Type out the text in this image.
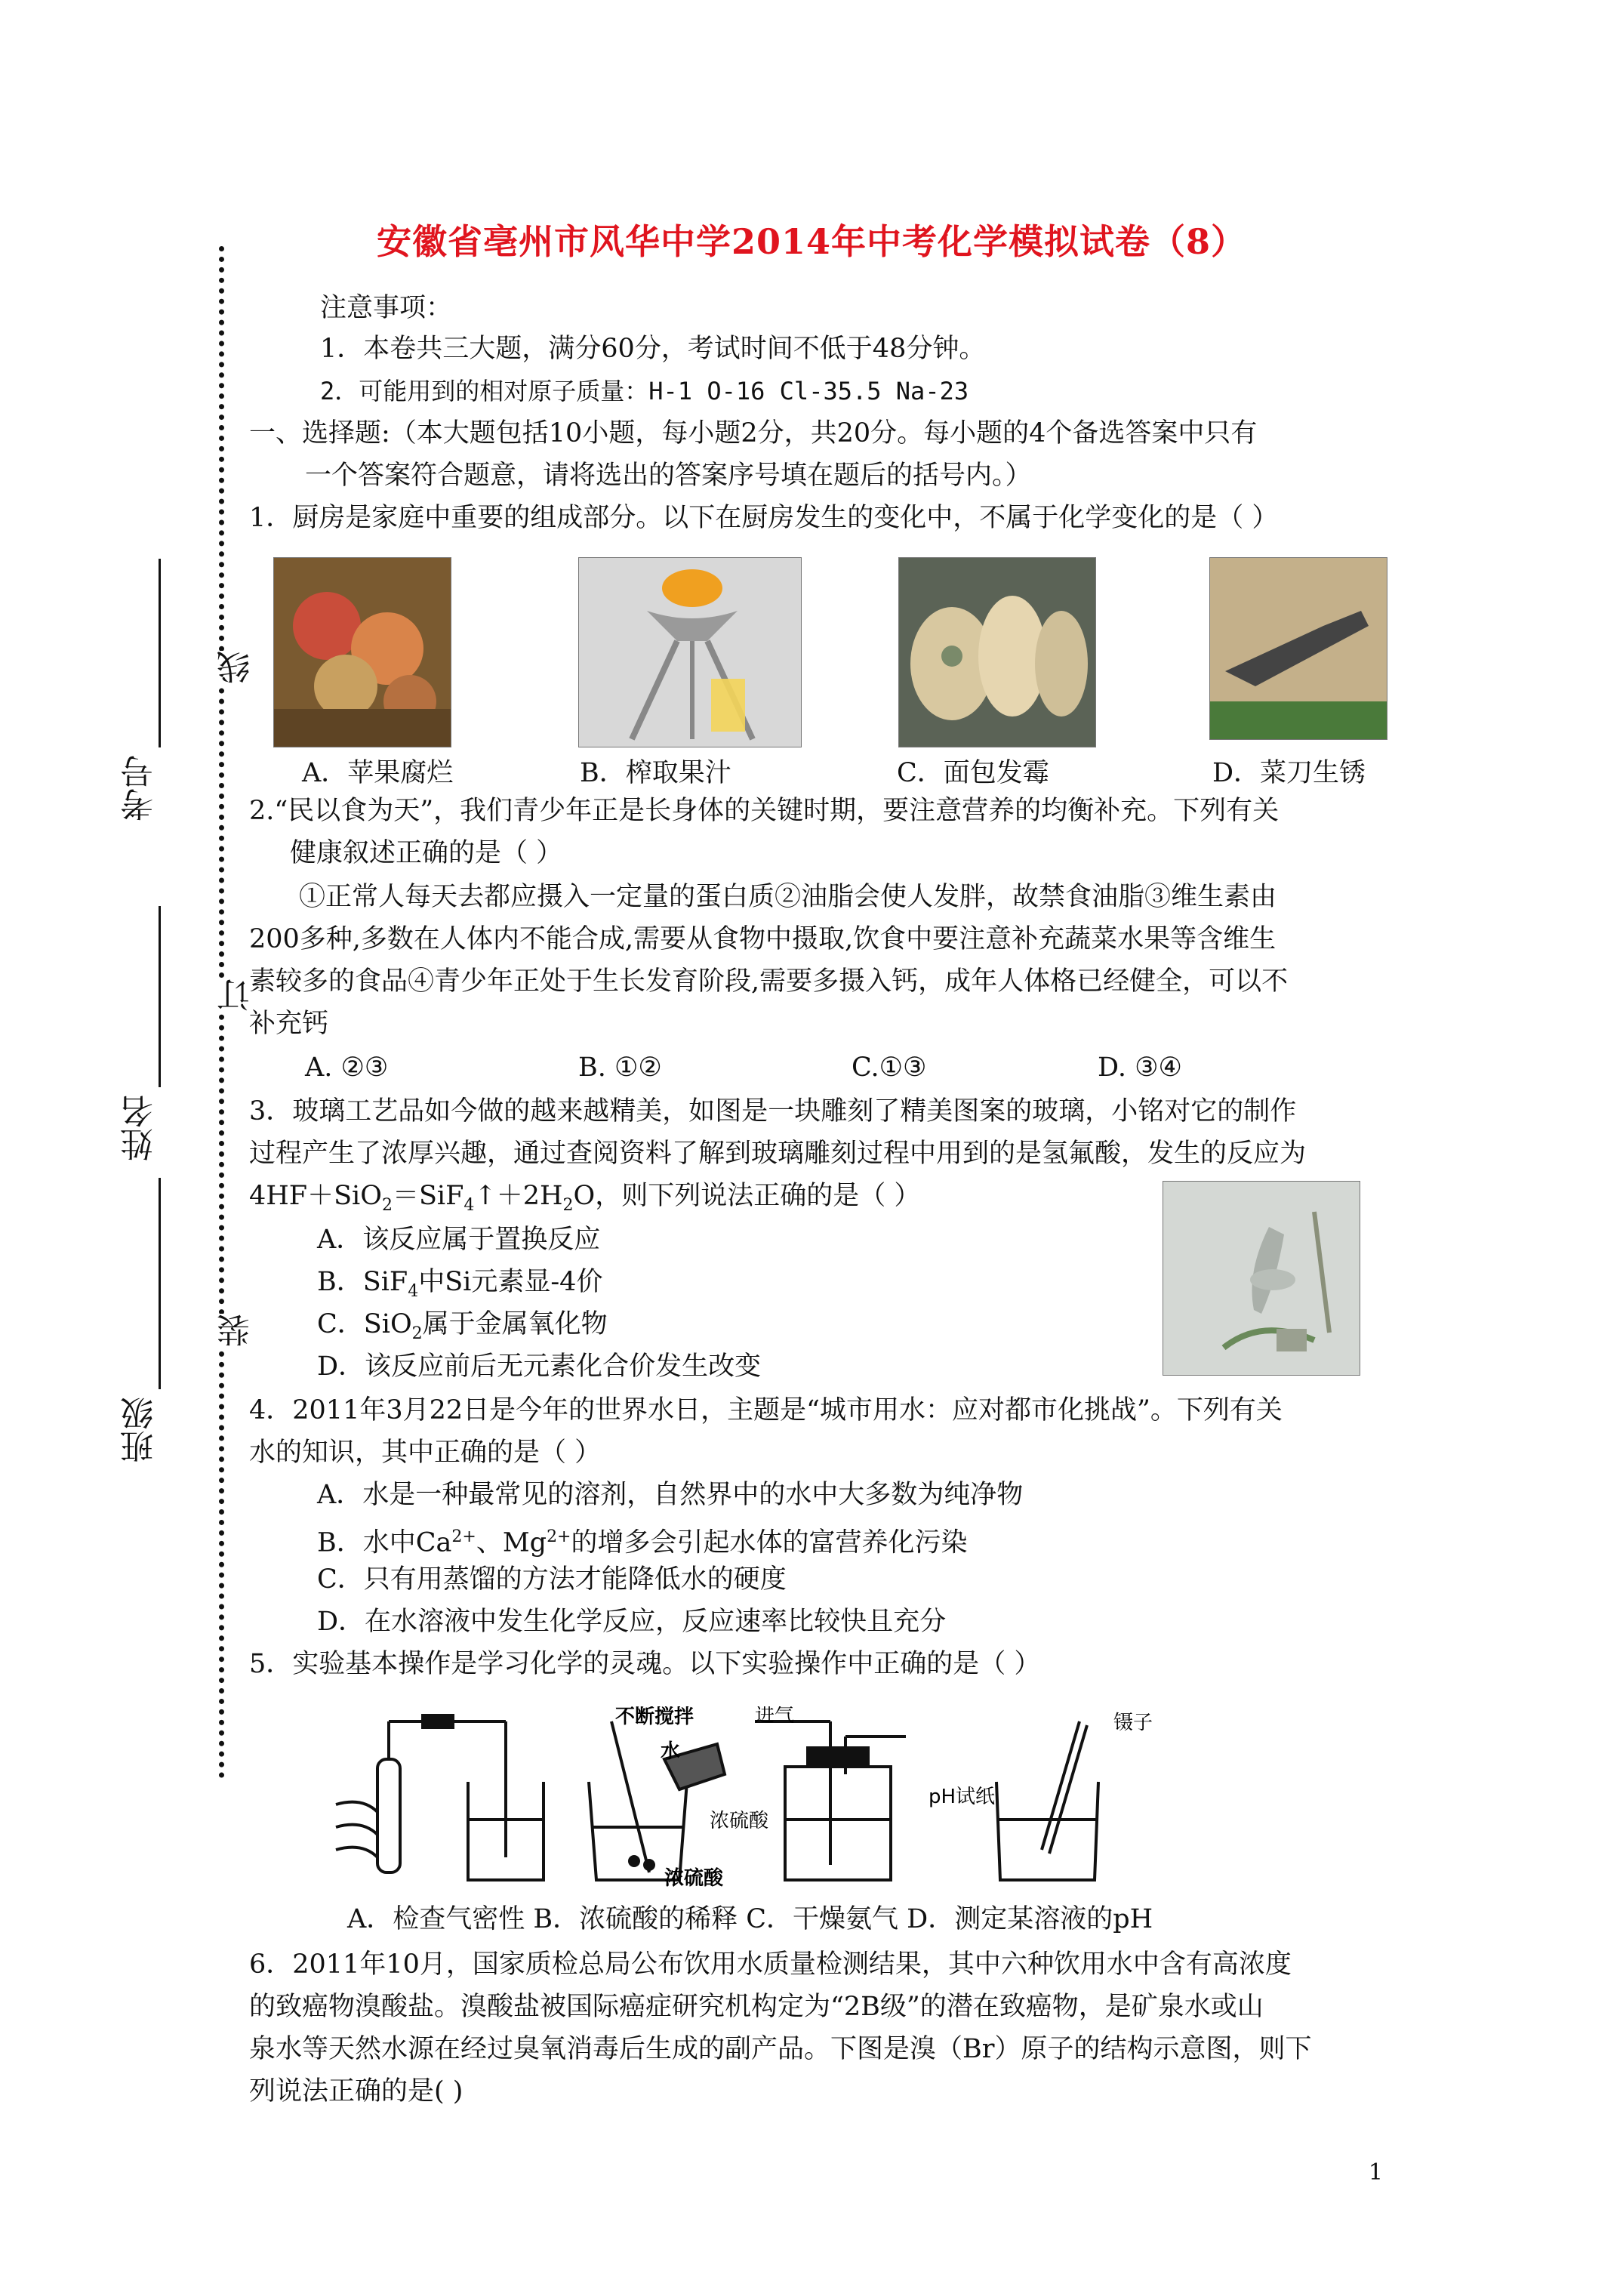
安徽省亳州市风华中学2014年中考化学模拟试卷（8）
考号
姓名
班级
线
订
装
注意事项：
1．本卷共三大题，满分60分，考试时间不低于48分钟。
2．可能用到的相对原子质量：H-1 O-16 Cl-35.5 Na-23
一、选择题:（本大题包括10小题，每小题2分，共20分。每小题的4个备选答案中只有
一个答案符合题意，请将选出的答案序号填在题后的括号内。）
1．厨房是家庭中重要的组成部分。以下在厨房发生的变化中，不属于化学变化的是（ ）
A．苹果腐烂	B．榨取果汁	C．面包发霉	D．菜刀生锈
2.“民以食为天”，我们青少年正是长身体的关键时期，要注意营养的均衡补充。下列有关
健康叙述正确的是（ ）
①正常人每天去都应摄入一定量的蛋白质②油脂会使人发胖，故禁食油脂③维生素由
200多种,多数在人体内不能合成,需要从食物中摄取,饮食中要注意补充蔬菜水果等含维生
素较多的食品④青少年正处于生长发育阶段,需要多摄入钙，成年人体格已经健全，可以不
补充钙
A. ②③	B. ①②	C.①③	D. ③④
3．玻璃工艺品如今做的越来越精美，如图是一块雕刻了精美图案的玻璃，小铭对它的制作
过程产生了浓厚兴趣，通过查阅资料了解到玻璃雕刻过程中用到的是氢氟酸，发生的反应为
$4HF+SiO_2=SiF_4↑+2H_2O$，则下列说法正确的是（ ）
A．该反应属于置换反应
B．SiF$_4$中Si元素显-4价
C．SiO$_2$属于金属氧化物
D．该反应前后无元素化合价发生改变
4．2011年3月22日是今年的世界水日，主题是“城市用水：应对都市化挑战”。下列有关
水的知识，其中正确的是（ ）
A．水是一种最常见的溶剂，自然界中的水中大多数为纯净物
B．水中$Ca^{2+}$、$Mg^{2+}$的增多会引起水体的富营养化污染
C．只有用蒸馏的方法才能降低水的硬度
D．在水溶液中发生化学反应，反应速率比较快且充分
5．实验基本操作是学习化学的灵魂。以下实验操作中正确的是（ ）
不断搅拌
水
浓硫酸
进气
浓硫酸
镊子
pH试纸
A．检查气密性 B．浓硫酸的稀释 C．干燥氨气 D．测定某溶液的pH
6．2011年10月，国家质检总局公布饮用水质量检测结果，其中六种饮用水中含有高浓度
的致癌物溴酸盐。溴酸盐被国际癌症研究机构定为“2B级”的潜在致癌物，是矿泉水或山
泉水等天然水源在经过臭氧消毒后生成的副产品。下图是溴（Br）原子的结构示意图，则下
列说法正确的是( )
1
